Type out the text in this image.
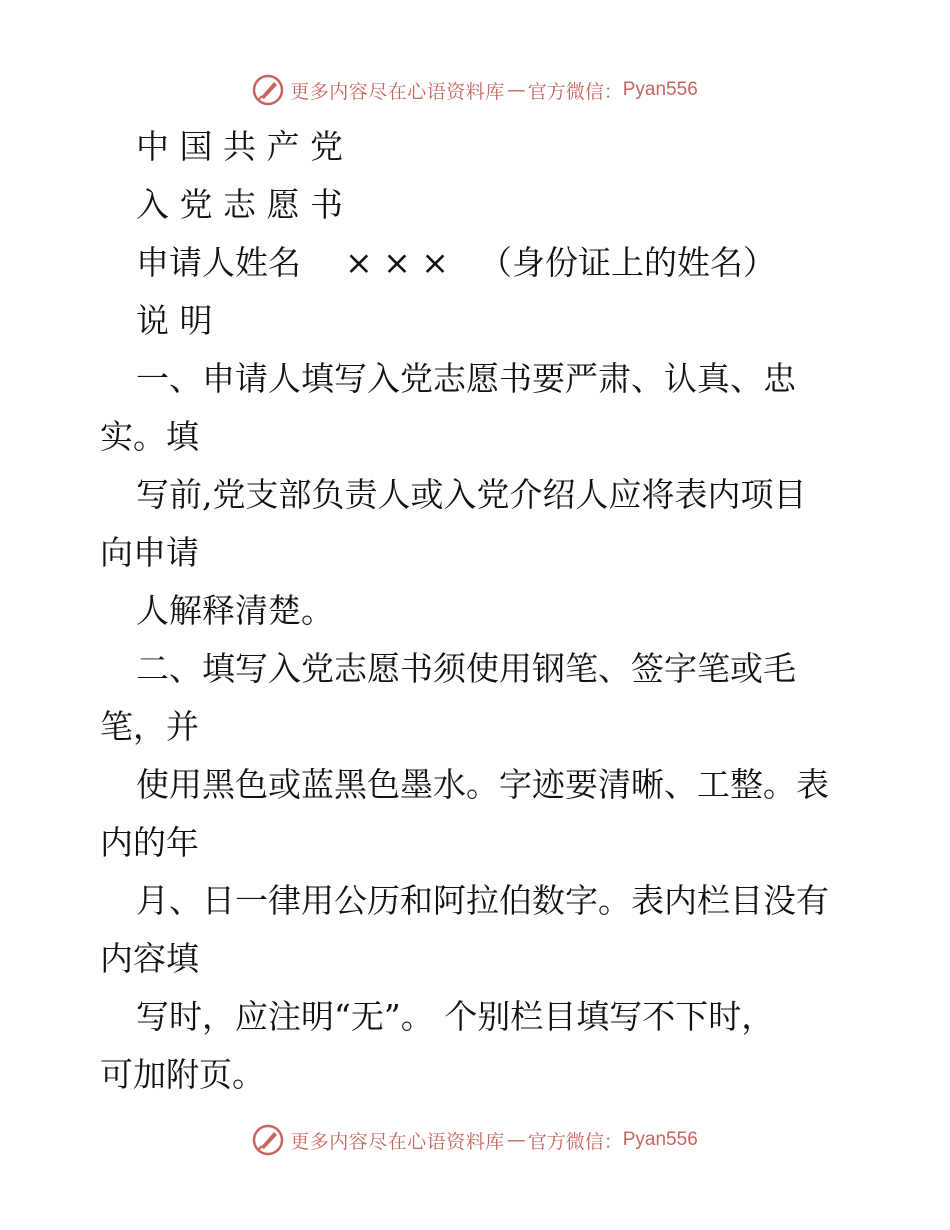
更多内容尽在心语资料库 — 官方微信： Pyan556
中 国 共 产 党
入 党 志 愿 书
申请人姓名 × × × （身份证上的姓名）
说 明
一、申请人填写入党志愿书要严肃、认真、忠
实。填
写前,党支部负责人或入党介绍人应将表内项目
向申请
人解释清楚。
二、填写入党志愿书须使用钢笔、签字笔或毛
笔，并
使用黑色或蓝黑色墨水。字迹要清晰、工整。表
内的年
月、日一律用公历和阿拉伯数字。表内栏目没有
内容填
写时，应注明“无”。 个别栏目填写不下时，
可加附页。
更多内容尽在心语资料库 — 官方微信： Pyan556
